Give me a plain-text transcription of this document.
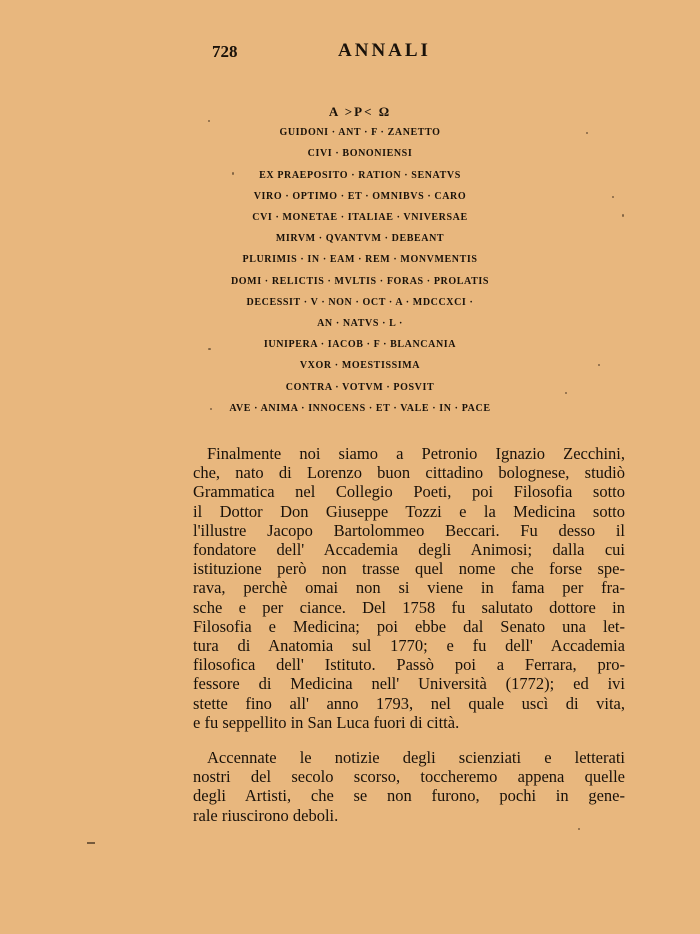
728	ANNALI
A >P< Ω
GUIDONI · ANT · F · ZANETTO
CIVI · BONONIENSI
EX PRAEPOSITO · RATION · SENATVS
VIRO · OPTIMO · ET · OMNIBVS · CARO
CVI · MONETAE · ITALIAE · VNIVERSAE
MIRVM · QVANTVM · DEBEANT
PLURIMIS · IN · EAM · REM · MONVMENTIS
DOMI · RELICTIS · MVLTIS · FORAS · PROLATIS
DECESSIT · V · NON · OCT · A · MDCCXCI ·
AN · NATVS · L ·
IUNIPERA · IACOB · F · BLANCANIA
VXOR · MOESTISSIMA
CONTRA · VOTVM · POSVIT
AVE · ANIMA · INNOCENS · ET · VALE · IN · PACE
Finalmente noi siamo a Petronio Ignazio Zecchini,
che, nato di Lorenzo buon cittadino bolognese, studiò
Grammatica nel Collegio Poeti, poi Filosofia sotto
il Dottor Don Giuseppe Tozzi e la Medicina sotto
l'illustre Jacopo Bartolommeo Beccari. Fu desso il
fondatore dell' Accademia degli Animosi; dalla cui
istituzione però non trasse quel nome che forse spe-
rava, perchè omai non si viene in fama per fra-
sche e per ciance. Del 1758 fu salutato dottore in
Filosofia e Medicina; poi ebbe dal Senato una let-
tura di Anatomia sul 1770; e fu dell' Accademia
filosofica dell' Istituto. Passò poi a Ferrara, pro-
fessore di Medicina nell' Università (1772); ed ivi
stette fino all' anno 1793, nel quale uscì di vita,
e fu seppellito in San Luca fuori di città.
Accennate le notizie degli scienziati e letterati
nostri del secolo scorso, toccheremo appena quelle
degli Artisti, che se non furono, pochi in gene-
rale riuscirono deboli.
